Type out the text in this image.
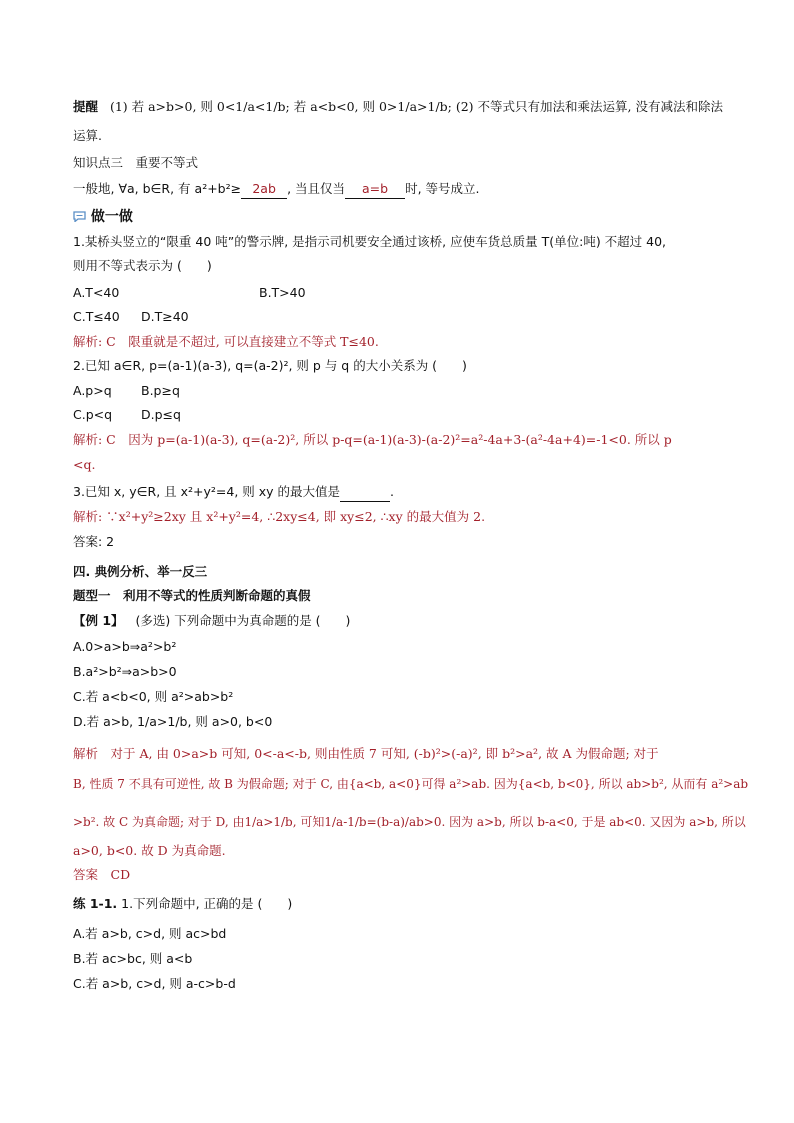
提醒 (1) 若 a>b>0, 则 0<1/a<1/b; 若 a<b<0, 则 0>1/a>1/b; (2) 不等式只有加法和乘法运算, 没有减法和除法
运算.
知识点三　重要不等式
一般地, ∀a, b∈R, 有 a²+b²≥ 2ab , 当且仅当 a=b 时, 等号成立.
做一做
1.某桥头竖立的“限重 40 吨”的警示牌, 是指示司机要安全通过该桥, 应使车货总质量 T(单位:吨) 不超过 40,
则用不等式表示为 (　　)
A.T<40	B.T>40
C.T≤40 D.T≥40
解析: C　限重就是不超过, 可以直接建立不等式 T≤40.
2.已知 a∈R, p=(a-1)(a-3), q=(a-2)², 则 p 与 q 的大小关系为 (　　)
A.p>q B.p≥q
C.p<q D.p≤q
解析: C　因为 p=(a-1)(a-3), q=(a-2)², 所以 p-q=(a-1)(a-3)-(a-2)²=a²-4a+3-(a²-4a+4)=-1<0. 所以 p
<q.
3.已知 x, y∈R, 且 x²+y²=4, 则 xy 的最大值是	.
解析: ∵x²+y²≥2xy 且 x²+y²=4, ∴2xy≤4, 即 xy≤2, ∴xy 的最大值为 2.
答案: 2
四. 典例分析、举一反三
题型一　利用不等式的性质判断命题的真假
【例 1】 (多选) 下列命题中为真命题的是 (　　)
A.0>a>b⇒a²>b²
B.a²>b²⇒a>b>0
C.若 a<b<0, 则 a²>ab>b²
D.若 a>b, 1/a>1/b, 则 a>0, b<0
解析　对于 A, 由 0>a>b 可知, 0<-a<-b, 则由性质 7 可知, (-b)²>(-a)², 即 b²>a², 故 A 为假命题; 对于
B, 性质 7 不具有可逆性, 故 B 为假命题; 对于 C, 由{a<b, a<0}可得 a²>ab. 因为{a<b, b<0}, 所以 ab>b², 从而有 a²>ab
>b². 故 C 为真命题; 对于 D, 由1/a>1/b, 可知1/a-1/b=(b-a)/ab>0. 因为 a>b, 所以 b-a<0, 于是 ab<0. 又因为 a>b, 所以
a>0, b<0. 故 D 为真命题.
答案　CD
练 1-1. 1.下列命题中, 正确的是 (　　)
A.若 a>b, c>d, 则 ac>bd
B.若 ac>bc, 则 a<b
C.若 a>b, c>d, 则 a-c>b-d
